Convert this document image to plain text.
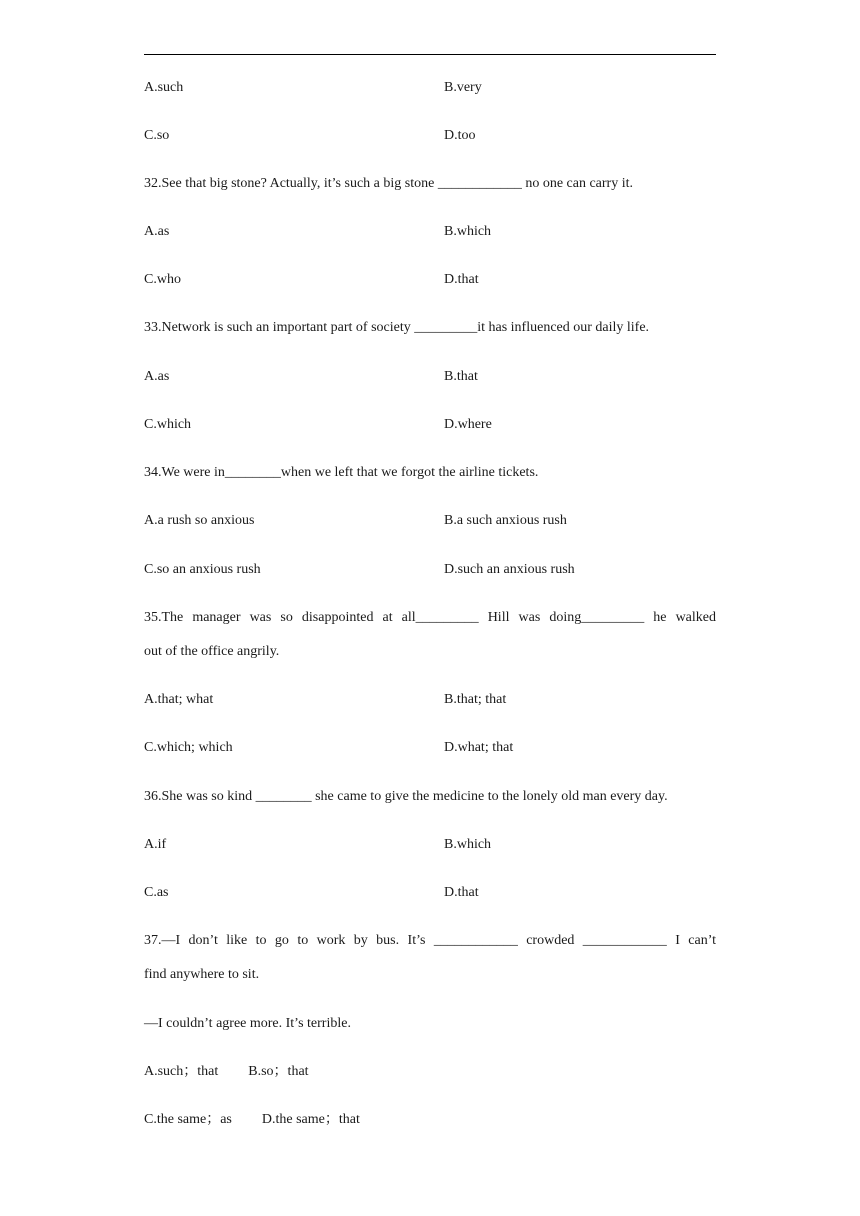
A.such	B.very
C.so	D.too
32.See that big stone? Actually, it’s such a big stone ____________ no one can carry it.
A.as	B.which
C.who	D.that
33.Network is such an important part of society _________it has influenced our daily life.
A.as	B.that
C.which	D.where
34.We were in________when we left that we forgot the airline tickets.
A.a rush so anxious	B.a such anxious rush
C.so an anxious rush	D.such an anxious rush
35.The manager was so disappointed at all_________ Hill was doing_________ he walked
out of the office angrily.
A.that; what	B.that; that
C.which; which	D.what; that
36.She was so kind ________ she came to give the medicine to the lonely old man every day.
A.if	B.which
C.as	D.that
37.—I don’t like to go to work by bus. It’s ____________ crowded ____________ I can’t
find anywhere to sit.
—I couldn’t agree more. It’s terrible.
A.such；that B.so；that
C.the same；as D.the same；that
